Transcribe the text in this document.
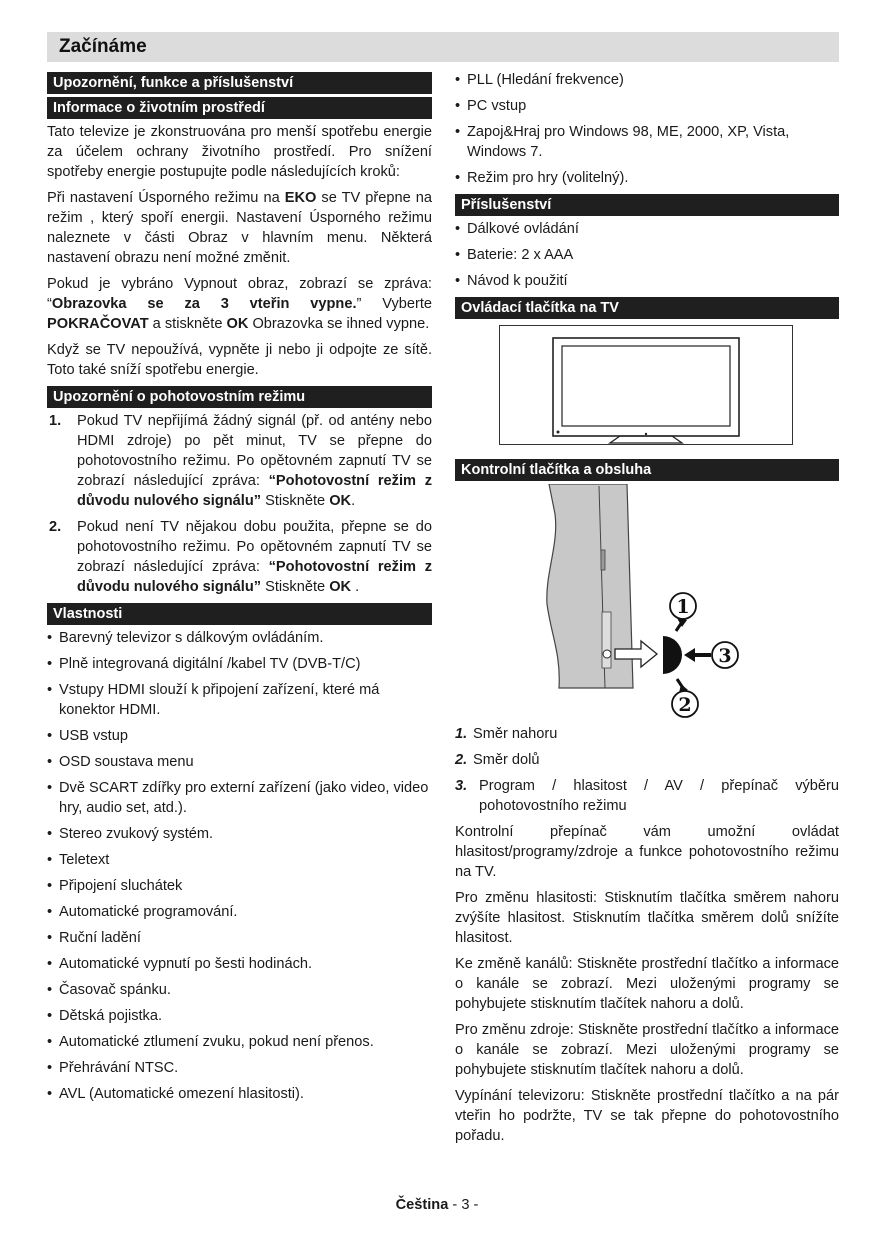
Začínáme
Upozornění, funkce a příslušenství
Informace o životním prostředí

Tato televize je zkonstruována pro menší spotřebu energie za účelem ochrany životního prostředí. Pro snížení spotřeby energie postupujte podle následujících kroků:

Při nastavení Úsporného režimu na EKO se TV přepne na režim , který spoří energii. Nastavení Úsporného režimu naleznete v části Obraz v hlavním menu. Některá nastavení obrazu není možné změnit.

Pokud je vybráno Vypnout obraz, zobrazí se zpráva: “Obrazovka se za 3 vteřin vypne.” Vyberte POKRAČOVAT a stiskněte OK Obrazovka se ihned vypne.

Když se TV nepoužívá, vypněte ji nebo ji odpojte ze sítě. Toto také sníží spotřebu energie.

Upozornění o pohotovostním režimu
1. Pokud TV nepřijímá žádný signál (př. od antény nebo HDMI zdroje) po pět minut, TV se přepne do pohotovostního režimu. Po opětovném zapnutí TV se zobrazí následující zpráva: “Pohotovostní režim z důvodu nulového signálu” Stiskněte OK.
2. Pokud není TV nějakou dobu použita, přepne se do pohotovostního režimu. Po opětovném zapnutí TV se zobrazí následující zpráva: “Pohotovostní režim z důvodu nulového signálu” Stiskněte OK .
Vlastnosti
• Barevný televizor s dálkovým ovládáním.
• Plně integrovaná digitální /kabel TV (DVB-T/C)
• Vstupy HDMI slouží k připojení zařízení, které má konektor HDMI.
• USB vstup
• OSD soustava menu
• Dvě SCART zdířky pro externí zařízení (jako video, video hry, audio set, atd.).
• Stereo zvukový systém.
• Teletext
• Připojení sluchátek
• Automatické programování.
• Ruční ladění
• Automatické vypnutí po šesti hodinách.
• Časovač spánku.
• Dětská pojistka.
• Automatické ztlumení zvuku, pokud není přenos.
• Přehrávání NTSC.
• AVL (Automatické omezení hlasitosti).
• PLL (Hledání frekvence)
• PC vstup
• Zapoj&Hraj pro Windows 98, ME, 2000, XP, Vista, Windows 7.
• Režim pro hry (volitelný).
Příslušenství
• Dálkové ovládání
• Baterie: 2 x AAA
• Návod k použití
Ovládací tlačítka na TV
Kontrolní tlačítka a obsluha
1
3
2
1. Směr nahoru
2. Směr dolů
3. Program / hlasitost / AV / přepínač výběru pohotovostního režimu

Kontrolní přepínač vám umožní ovládat hlasitost/programy/zdroje a funkce pohotovostního režimu na TV.

Pro změnu hlasitosti: Stisknutím tlačítka směrem nahoru zvýšíte hlasitost. Stisknutím tlačítka směrem dolů snížíte hlasitost.

Ke změně kanálů: Stiskněte prostřední tlačítko a informace o kanále se zobrazí. Mezi uloženými programy se pohybujete stisknutím tlačítek nahoru a dolů.

Pro změnu zdroje: Stiskněte prostřední tlačítko a informace o kanále se zobrazí. Mezi uloženými programy se pohybujete stisknutím tlačítek nahoru a dolů.

Vypínání televizoru: Stiskněte prostřední tlačítko a na pár vteřin ho podržte, TV se tak přepne do pohotovostního pořadu.

Čeština - 3 -
